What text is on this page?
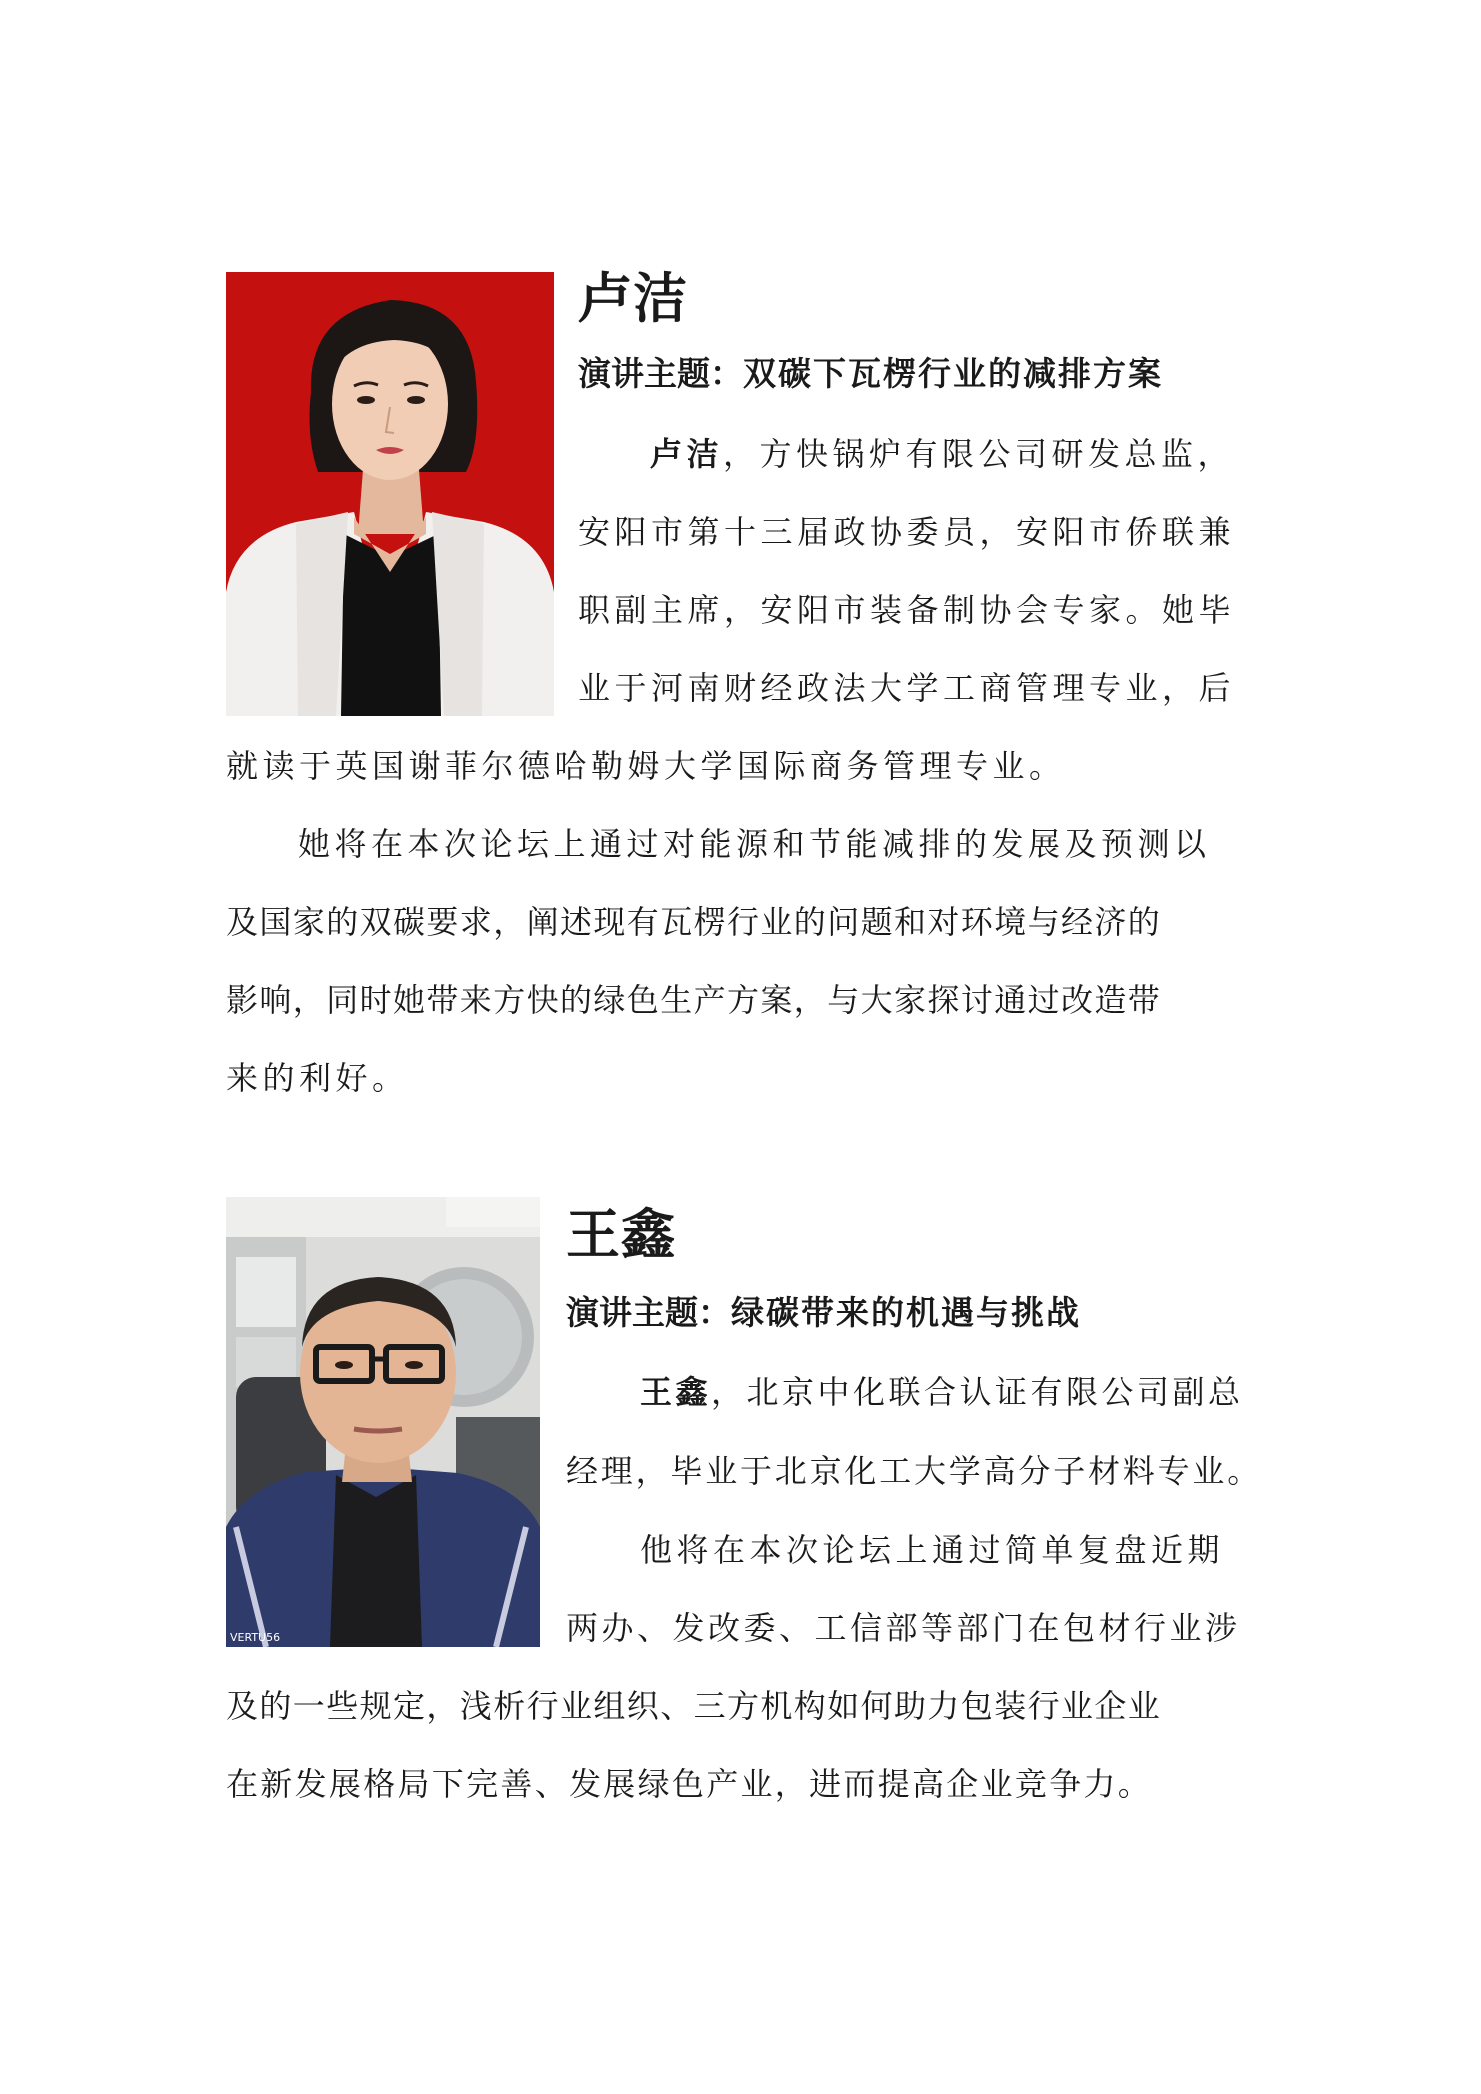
卢洁
演讲主题：双碳下瓦楞行业的减排方案

卢洁，方快锅炉有限公司研发总监，

安阳市第十三届政协委员，安阳市侨联兼

职副主席，安阳市装备制协会专家。她毕

业于河南财经政法大学工商管理专业，后

就读于英国谢菲尔德哈勒姆大学国际商务管理专业。

她将在本次论坛上通过对能源和节能减排的发展及预测以

及国家的双碳要求，阐述现有瓦楞行业的问题和对环境与经济的

影响，同时她带来方快的绿色生产方案，与大家探讨通过改造带

来的利好。

VERTU56
王鑫
演讲主题：绿碳带来的机遇与挑战

王鑫，北京中化联合认证有限公司副总

经理，毕业于北京化工大学高分子材料专业。

他将在本次论坛上通过简单复盘近期

两办、发改委、工信部等部门在包材行业涉

及的一些规定，浅析行业组织、三方机构如何助力包装行业企业

在新发展格局下完善、发展绿色产业，进而提高企业竞争力。
